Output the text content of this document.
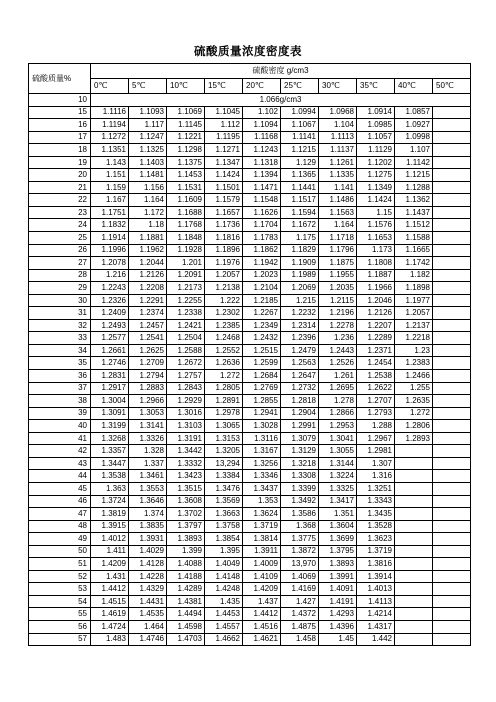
硫酸质量浓度密度表
硫酸质量%	硫酸密度 g/cm3									
	0℃	5℃	10℃	15℃	20℃	25℃	30℃	35℃	40℃	50℃
10	1.066g/cm3									
15	1.1116	1.1093	1.1069	1.1045	1.102	1.0994	1.0968	1.0914	1.0857	
16	1.1194	1.117	1.1145	1.112	1.1094	1.1067	1.104	1.0985	1.0927	
17	1.1272	1.1247	1.1221	1.1195	1.1168	1.1141	1.1113	1.1057	1.0998	
18	1.1351	1.1325	1.1298	1.1271	1.1243	1.1215	1.1137	1.1129	1.107	
19	1.143	1.1403	1.1375	1.1347	1.1318	1.129	1.1261	1.1202	1.1142	
20	1.151	1.1481	1.1453	1.1424	1.1394	1.1365	1.1335	1.1275	1.1215	
21	1.159	1.156	1.1531	1.1501	1.1471	1.1441	1.141	1.1349	1.1288	
22	1.167	1.164	1.1609	1.1579	1.1548	1.1517	1.1486	1.1424	1.1362	
23	1.1751	1.172	1.1688	1.1657	1.1626	1.1594	1.1563	1.15	1.1437	
24	1.1832	1.18	1.1768	1.1736	1.1704	1.1672	1.164	1.1576	1.1512	
25	1.1914	1.1881	1.1848	1.1816	1.1783	1.175	1.1718	1.1653	1.1588	
26	1.1996	1.1962	1.1928	1.1896	1.1862	1.1829	1.1796	1.173	1.1665	
27	1.2078	1.2044	1.201	1.1976	1.1942	1.1909	1.1875	1.1808	1.1742	
28	1.216	1.2126	1.2091	1.2057	1.2023	1.1989	1.1955	1.1887	1.182	
29	1.2243	1.2208	1.2173	1.2138	1.2104	1.2069	1.2035	1.1966	1.1898	
30	1.2326	1.2291	1.2255	1.222	1.2185	1.215	1.2115	1.2046	1.1977	
31	1.2409	1.2374	1.2338	1.2302	1.2267	1.2232	1.2196	1.2126	1.2057	
32	1.2493	1.2457	1.2421	1.2385	1.2349	1.2314	1.2278	1.2207	1.2137	
33	1.2577	1.2541	1.2504	1.2468	1.2432	1.2396	1.236	1.2289	1.2218	
34	1.2661	1.2625	1.2588	1.2552	1.2515	1.2479	1.2443	1.2371	1.23	
35	1.2746	1.2709	1.2672	1.2636	1.2599	1.2563	1.2526	1.2454	1.2383	
36	1.2831	1.2794	1.2757	1.272	1.2684	1.2647	1.261	1.2538	1.2466	
37	1.2917	1.2883	1.2843	1.2805	1.2769	1.2732	1.2695	1.2622	1.255	
38	1.3004	1.2966	1.2929	1.2891	1.2855	1.2818	1.278	1.2707	1.2635	
39	1.3091	1.3053	1.3016	1.2978	1.2941	1.2904	1.2866	1.2793	1.272	
40	1.3199	1.3141	1.3103	1.3065	1.3028	1.2991	1.2953	1.288	1.2806	
41	1.3268	1.3326	1.3191	1.3153	1.3116	1.3079	1.3041	1.2967	1.2893	
42	1.3357	1.328	1.3442	1.3205	1.3167	1.3129	1.3055	1.2981		
43	1.3447	1.337	1.3332	13,294	1.3256	1.3218	1.3144	1.307		
44	1.3538	1.3461	1.3423	1.3384	1.3346	1.3308	1.3224	1.316		
45	1.363	1.3553	1.3515	1.3476	1.3437	1.3399	1.3325	1.3251		
46	1.3724	1.3646	1.3608	1.3569	1.353	1.3492	1.3417	1.3343		
47	1.3819	1.374	1.3702	1.3663	1.3624	1.3586	1.351	1.3435		
48	1.3915	1.3835	1.3797	1.3758	1.3719	1.368	1.3604	1.3528		
49	1.4012	1.3931	1.3893	1.3854	1.3814	1.3775	1.3699	1.3623		
50	1.411	1.4029	1.399	1.395	1.3911	1.3872	1.3795	1.3719		
51	1.4209	1.4128	1.4088	1.4049	1.4009	13,970	1.3893	1.3816		
52	1.431	1.4228	1.4188	1.4148	1.4109	1.4069	1.3991	1.3914		
53	1.4412	1.4329	1.4289	1.4248	1.4209	1.4169	1.4091	1.4013		
54	1.4515	1.4431	1.4381	1.435	1.437	1.427	1.4191	1.4113		
55	1.4619	1.4535	1.4494	1.4453	1.4412	1.4372	1.4293	1.4214		
56	1.4724	1.464	1.4598	1.4557	1.4516	1.4875	1.4396	1.4317		
57	1.483	1.4746	1.4703	1.4662	1.4621	1.458	1.45	1.442		
